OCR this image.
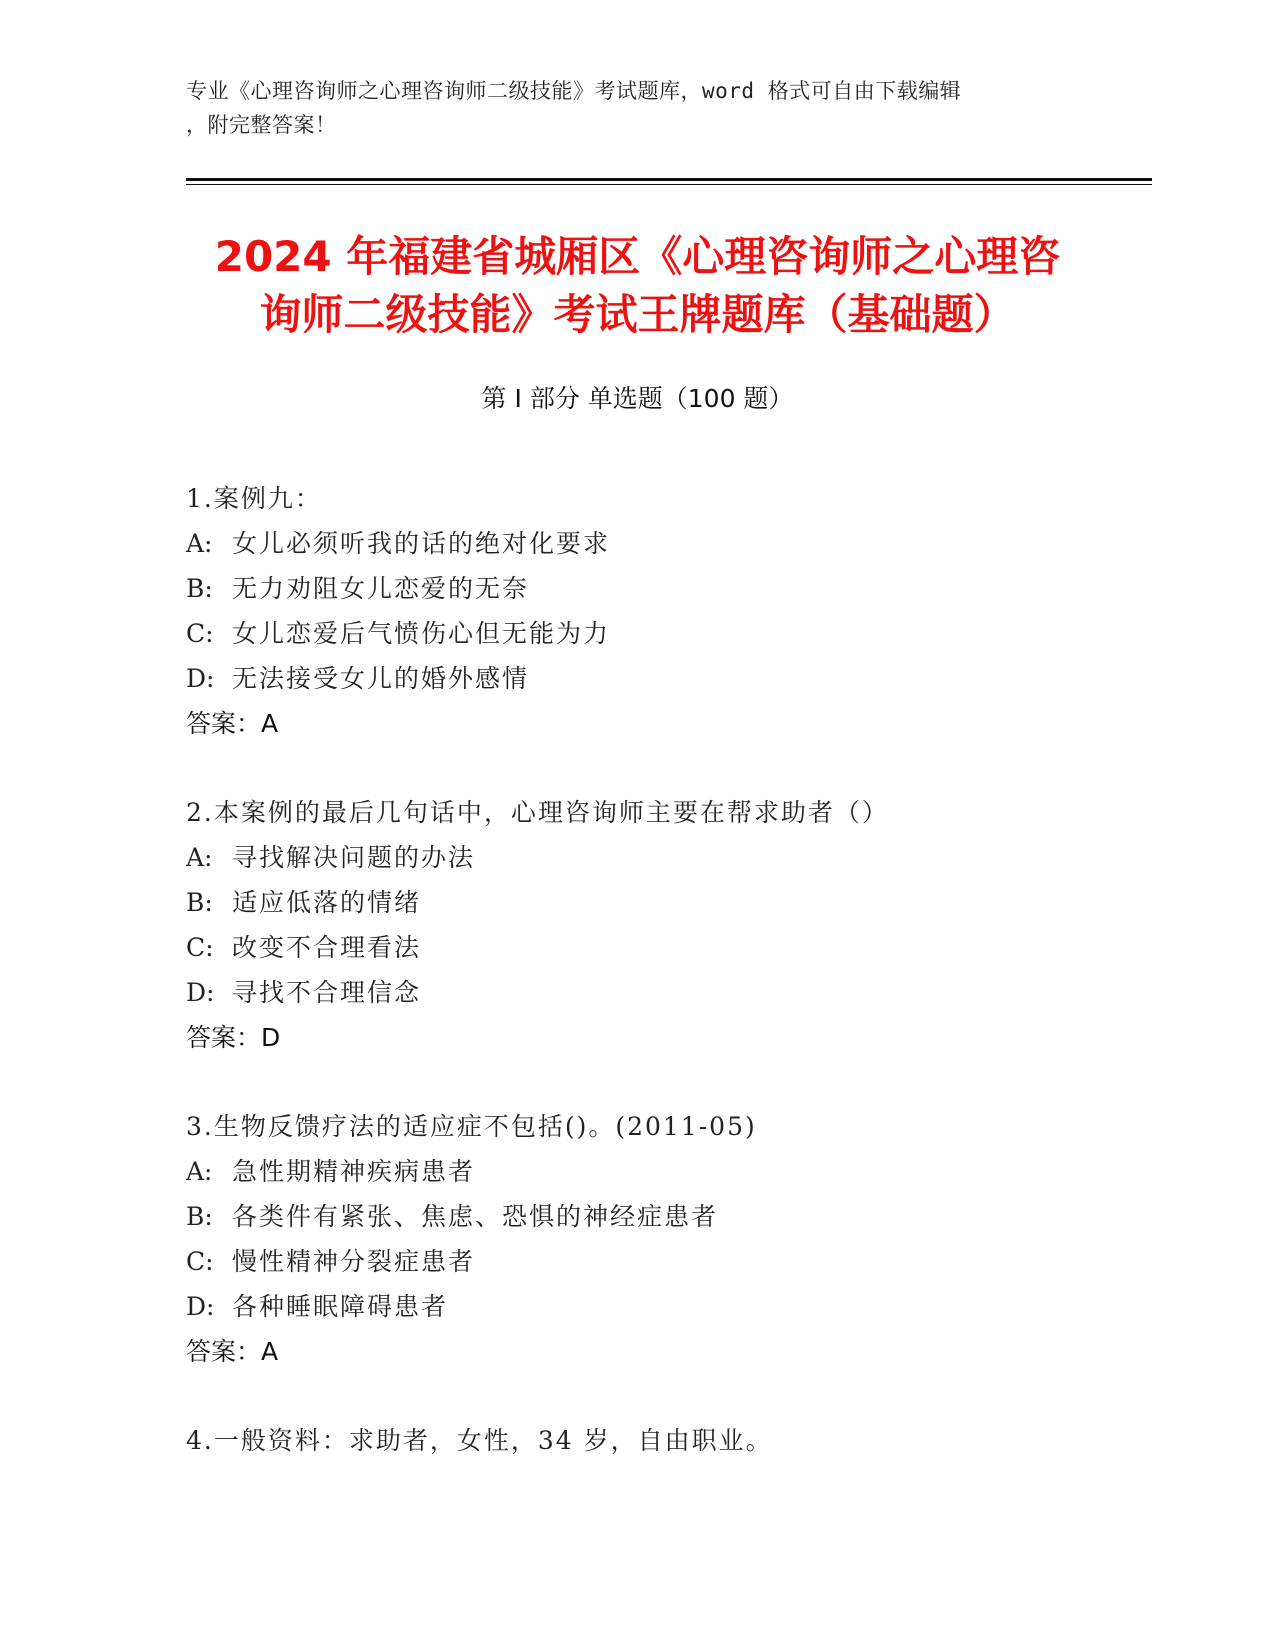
专业《心理咨询师之心理咨询师二级技能》考试题库，word 格式可自由下载编辑
，附完整答案！
2024 年福建省城厢区《心理咨询师之心理咨
询师二级技能》考试王牌题库（基础题）
第 I 部分 单选题（100 题）
1.案例九：
A: 女儿必须听我的话的绝对化要求
B: 无力劝阻女儿恋爱的无奈
C: 女儿恋爱后气愤伤心但无能为力
D: 无法接受女儿的婚外感情
答案：A
2.本案例的最后几句话中，心理咨询师主要在帮求助者（）
A: 寻找解决问题的办法
B: 适应低落的情绪
C: 改变不合理看法
D: 寻找不合理信念
答案：D
3.生物反馈疗法的适应症不包括()。(2011-05)
A: 急性期精神疾病患者
B: 各类件有紧张、焦虑、恐惧的神经症患者
C: 慢性精神分裂症患者
D: 各种睡眠障碍患者
答案：A
4.一般资料：求助者，女性，34 岁，自由职业。
